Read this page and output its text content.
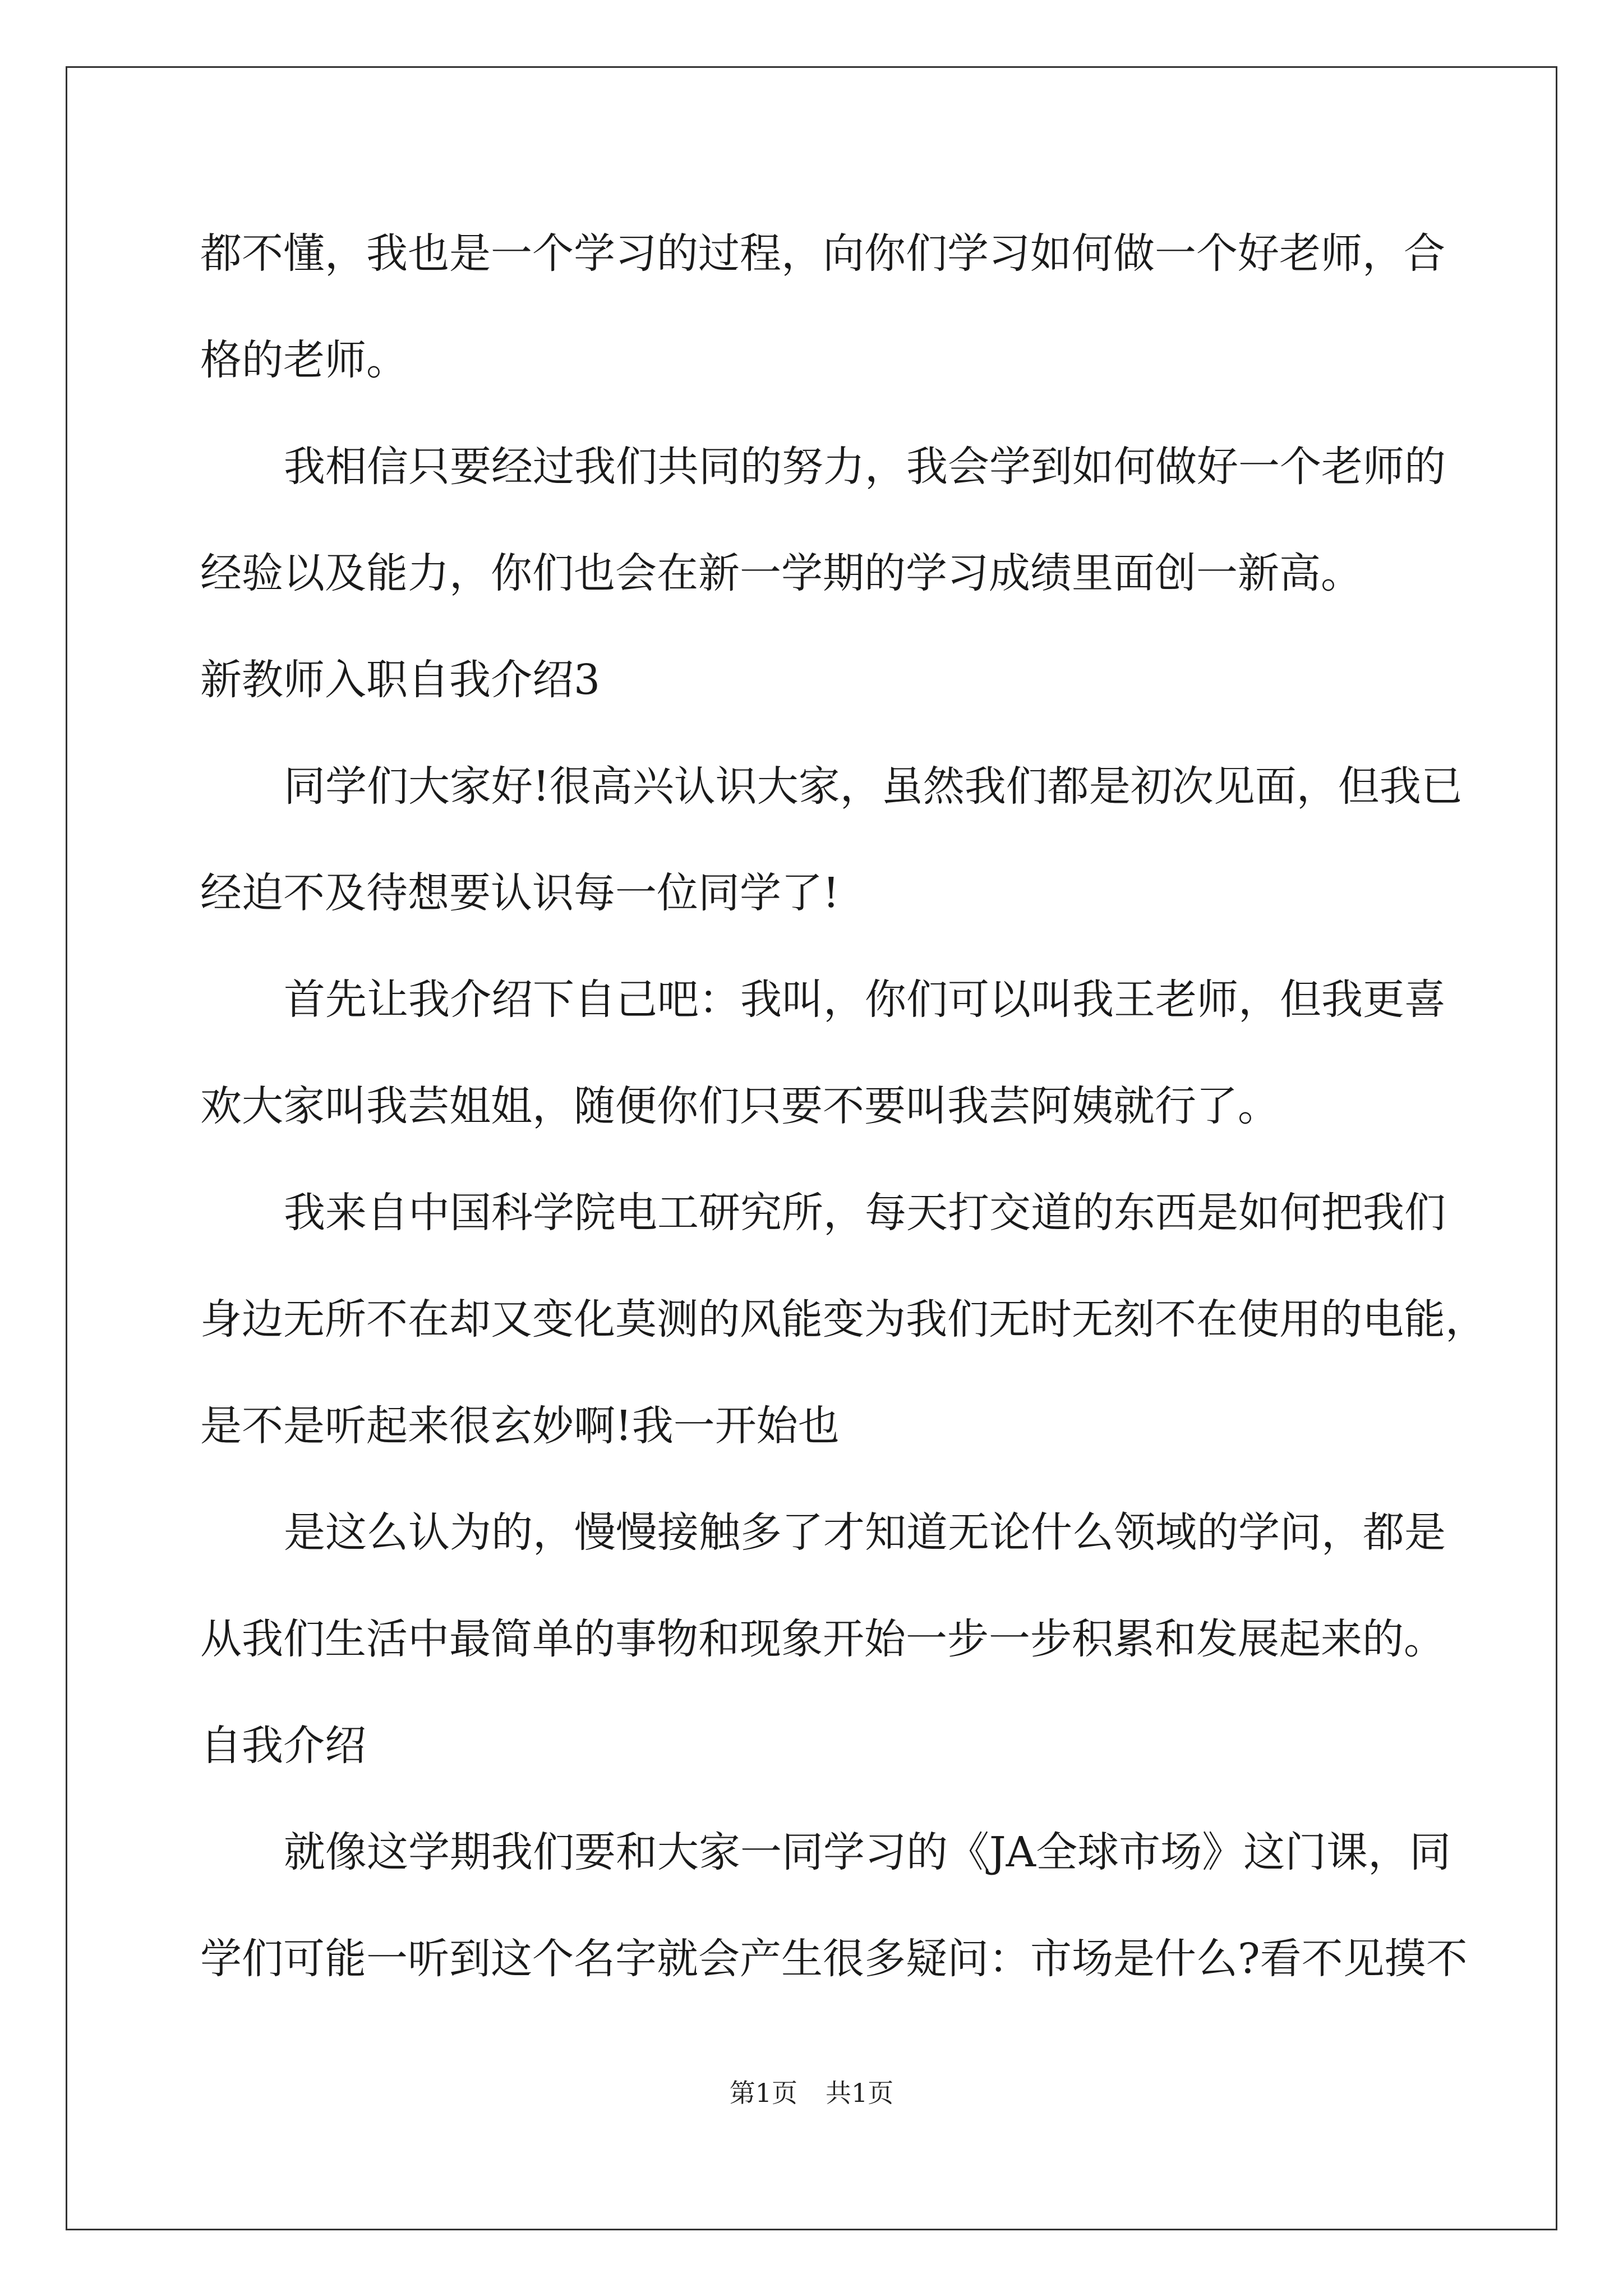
都不懂，我也是一个学习的过程，向你们学习如何做一个好老师，合
格的老师。
我相信只要经过我们共同的努力，我会学到如何做好一个老师的
经验以及能力，你们也会在新一学期的学习成绩里面创一新高。
新教师入职自我介绍3
同学们大家好!很高兴认识大家，虽然我们都是初次见面，但我已
经迫不及待想要认识每一位同学了!
首先让我介绍下自己吧：我叫，你们可以叫我王老师，但我更喜
欢大家叫我芸姐姐，随便你们只要不要叫我芸阿姨就行了。
我来自中国科学院电工研究所，每天打交道的东西是如何把我们
身边无所不在却又变化莫测的风能变为我们无时无刻不在使用的电能，
是不是听起来很玄妙啊!我一开始也
是这么认为的，慢慢接触多了才知道无论什么领域的学问，都是
从我们生活中最简单的事物和现象开始一步一步积累和发展起来的。
自我介绍
就像这学期我们要和大家一同学习的《JA全球市场》这门课，同
学们可能一听到这个名字就会产生很多疑问：市场是什么?看不见摸不
第1页 共1页
